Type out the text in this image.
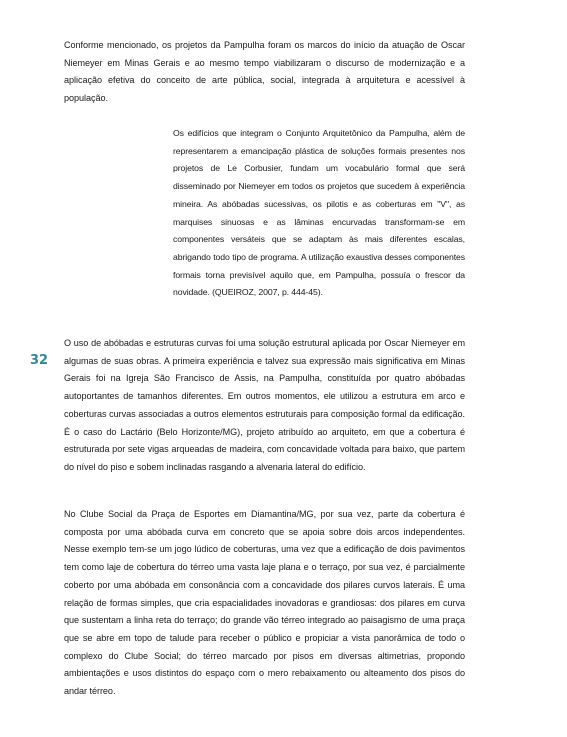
Conforme mencionado, os projetos da Pampulha foram os marcos do início da atuação de Oscar Niemeyer em Minas Gerais e ao mesmo tempo viabilizaram o discurso de modernização e a aplicação efetiva do conceito de arte pública, social, integrada à arquitetura e acessível à população.

Os edifícios que integram o Conjunto Arquitetônico da Pampulha, além de representarem a emancipação plástica de soluções formais presentes nos projetos de Le Corbusier, fundam um vocabulário formal que será disseminado por Niemeyer em todos os projetos que sucedem à experiência mineira. As abóbadas sucessivas, os pilotis e as coberturas em "V", as marquises sinuosas e as lâminas encurvadas transformam-se em componentes versáteis que se adaptam às mais diferentes escalas, abrigando todo tipo de programa. A utilização exaustiva desses componentes formais torna previsível aquilo que, em Pampulha, possuía o frescor da novidade. (QUEIROZ, 2007, p. 444-45).

32

O uso de abóbadas e estruturas curvas foi uma solução estrutural aplicada por Oscar Niemeyer em algumas de suas obras. A primeira experiência e talvez sua expressão mais significativa em Minas Gerais foi na Igreja São Francisco de Assis, na Pampulha, constituída por quatro abóbadas autoportantes de tamanhos diferentes. Em outros momentos, ele utilizou a estrutura em arco e coberturas curvas associadas a outros elementos estruturais para composição formal da edificação. É o caso do Lactário (Belo Horizonte/MG), projeto atribuído ao arquiteto, em que a cobertura é estruturada por sete vigas arqueadas de madeira, com concavidade voltada para baixo, que partem do nível do piso e sobem inclinadas rasgando a alvenaria lateral do edifício.

No Clube Social da Praça de Esportes em Diamantina/MG, por sua vez, parte da cobertura é composta por uma abóbada curva em concreto que se apoia sobre dois arcos independentes. Nesse exemplo tem-se um jogo lúdico de coberturas, uma vez que a edificação de dois pavimentos tem como laje de cobertura do térreo uma vasta laje plana e o terraço, por sua vez, é parcialmente coberto por uma abóbada em consonância com a concavidade dos pilares curvos laterais. É uma relação de formas simples, que cria espacialidades inovadoras e grandiosas: dos pilares em curva que sustentam a linha reta do terraço; do grande vão térreo integrado ao paisagismo de uma praça que se abre em topo de talude para receber o público e propiciar a vista panorâmica de todo o complexo do Clube Social; do térreo marcado por pisos em diversas altimetrias, propondo ambientações e usos distintos do espaço com o mero rebaixamento ou alteamento dos pisos do andar térreo.
